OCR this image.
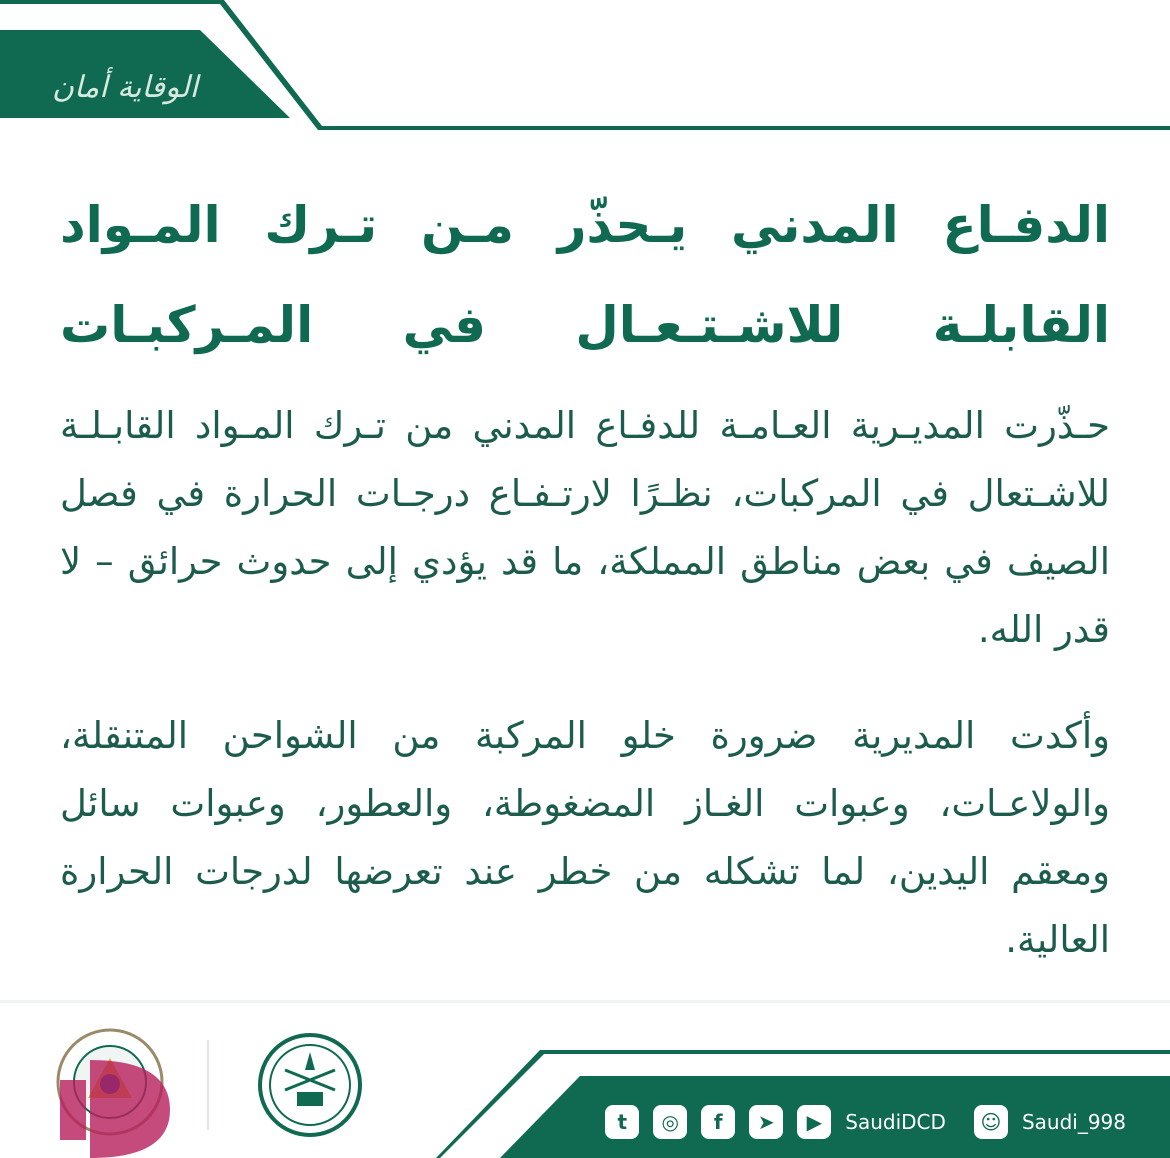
الوقاية أمان
الدفـاع المدني يـحذّر مـن تـرك المـواد
القابلـة للاشـتـعـال في المـركبـات

حـذّرت المديـرية العـامـة للدفـاع المدني من تـرك المـواد القابـلـة للاشـتعال في المركبات، نظـرًا لارتـفـاع درجـات الحرارة في فصل الصيف في بعض مناطق المملكة، ما قد يؤدي إلى حدوث حرائق – لا قدر الله.

وأكدت المديرية ضرورة خلو المركبة من الشواحن المتنقلة، والولاعـات، وعبوات الغـاز المضغوطة، والعطور، وعبوات سائل ومعقم اليدين، لما تشكله من خطر عند تعرضها لدرجات الحرارة العالية.

t	◎	f	➤	▶	SaudiDCD	☺	Saudi_998
